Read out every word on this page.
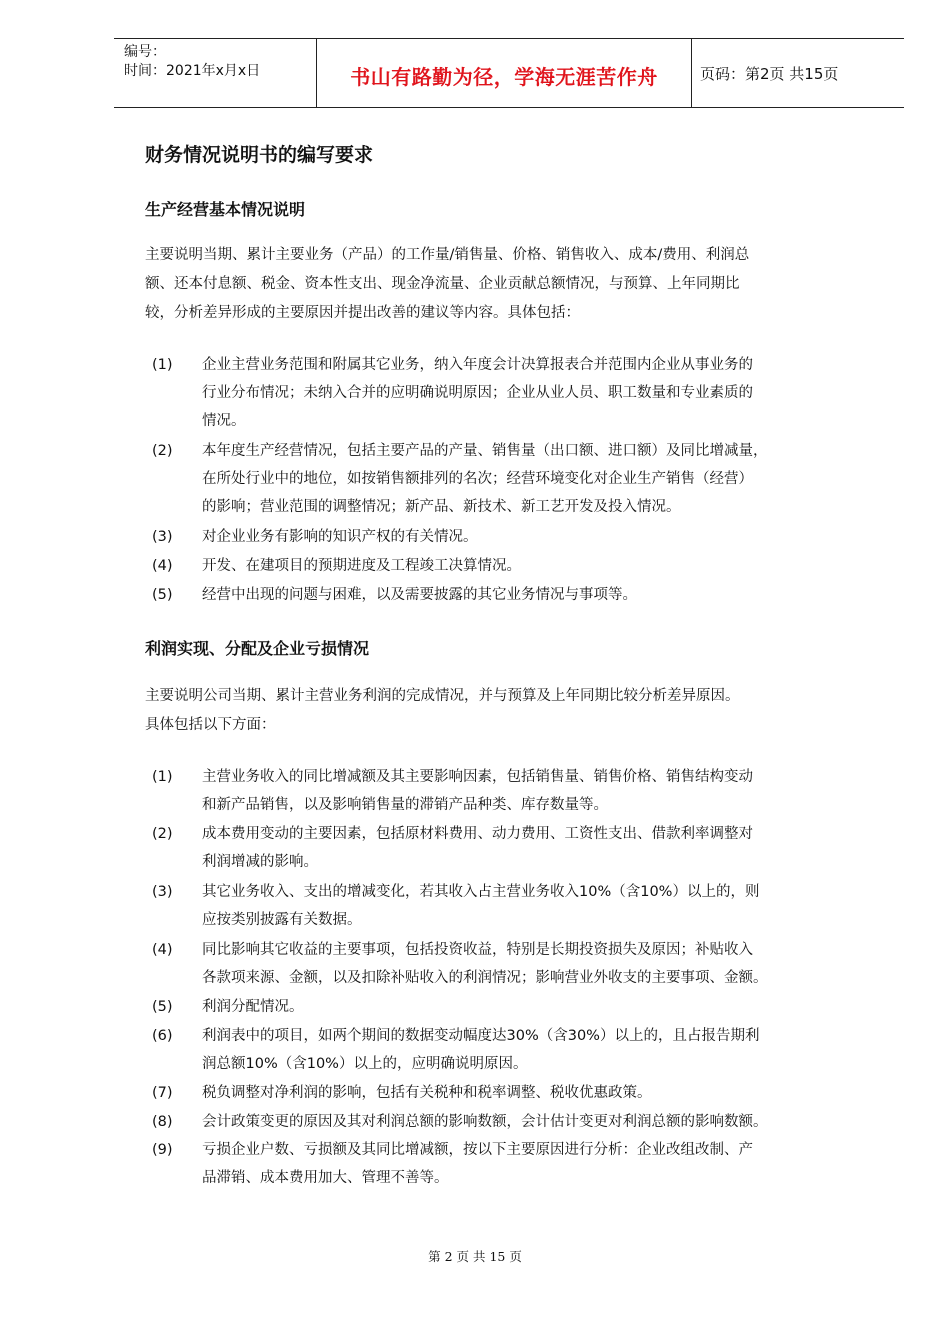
编号：
时间：2021年x月x日	书山有路勤为径，学海无涯苦作舟	页码：第2页 共15页
财务情况说明书的编写要求
生产经营基本情况说明
主要说明当期、累计主要业务（产品）的工作量/销售量、价格、销售收入、成本/费用、利润总
额、还本付息额、税金、资本性支出、现金净流量、企业贡献总额情况，与预算、上年同期比
较，分析差异形成的主要原因并提出改善的建议等内容。具体包括：
(1)	企业主营业务范围和附属其它业务，纳入年度会计决算报表合并范围内企业从事业务的
行业分布情况；未纳入合并的应明确说明原因；企业从业人员、职工数量和专业素质的
情况。
(2)	本年度生产经营情况，包括主要产品的产量、销售量（出口额、进口额）及同比增减量，
在所处行业中的地位，如按销售额排列的名次；经营环境变化对企业生产销售（经营）
的影响；营业范围的调整情况；新产品、新技术、新工艺开发及投入情况。
(3)	对企业业务有影响的知识产权的有关情况。
(4)	开发、在建项目的预期进度及工程竣工决算情况。
(5)	经营中出现的问题与困难，以及需要披露的其它业务情况与事项等。
利润实现、分配及企业亏损情况
主要说明公司当期、累计主营业务利润的完成情况，并与预算及上年同期比较分析差异原因。
具体包括以下方面：
(1)	主营业务收入的同比增减额及其主要影响因素，包括销售量、销售价格、销售结构变动
和新产品销售，以及影响销售量的滞销产品种类、库存数量等。
(2)	成本费用变动的主要因素，包括原材料费用、动力费用、工资性支出、借款利率调整对
利润增减的影响。
(3)	其它业务收入、支出的增减变化，若其收入占主营业务收入10%（含10%）以上的，则
应按类别披露有关数据。
(4)	同比影响其它收益的主要事项，包括投资收益，特别是长期投资损失及原因；补贴收入
各款项来源、金额，以及扣除补贴收入的利润情况；影响营业外收支的主要事项、金额。
(5)	利润分配情况。
(6)	利润表中的项目，如两个期间的数据变动幅度达30%（含30%）以上的，且占报告期利
润总额10%（含10%）以上的，应明确说明原因。
(7)	税负调整对净利润的影响，包括有关税种和税率调整、税收优惠政策。
(8)	会计政策变更的原因及其对利润总额的影响数额，会计估计变更对利润总额的影响数额。
(9)	亏损企业户数、亏损额及其同比增减额，按以下主要原因进行分析：企业改组改制、产
品滞销、成本费用加大、管理不善等。
第 2 页 共 15 页
